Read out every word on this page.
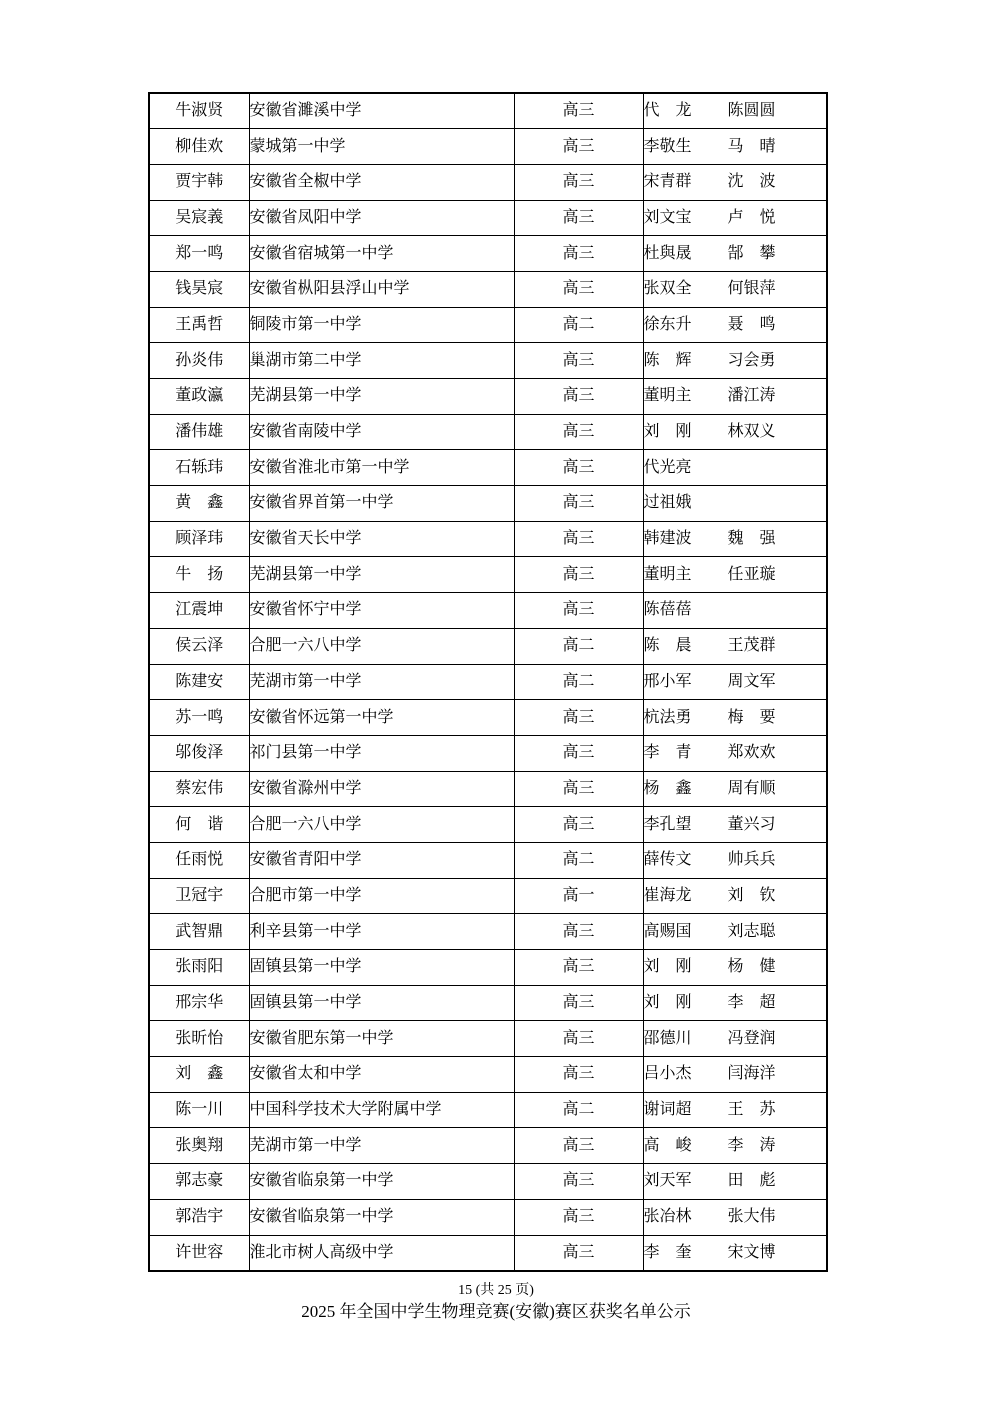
牛淑贤	安徽省濉溪中学	高三	代　龙 陈圆圆
柳佳欢	蒙城第一中学	高三	李敬生 马　晴
贾宇韩	安徽省全椒中学	高三	宋青群 沈　波
吴宸義	安徽省凤阳中学	高三	刘文宝 卢　悦
郑一鸣	安徽省宿城第一中学	高三	杜與晟 郜　攀
钱昊宸	安徽省枞阳县浮山中学	高三	张双全 何银萍
王禹哲	铜陵市第一中学	高二	徐东升 聂　鸣
孙炎伟	巢湖市第二中学	高三	陈　辉 习会勇
董政瀛	芜湖县第一中学	高三	董明主 潘江涛
潘伟雄	安徽省南陵中学	高三	刘　刚 林双义
石轹玮	安徽省淮北市第一中学	高三	代光亮
黄　鑫	安徽省界首第一中学	高三	过祖娥
顾泽玮	安徽省天长中学	高三	韩建波 魏　强
牛　扬	芜湖县第一中学	高三	董明主 任亚璇
江震坤	安徽省怀宁中学	高三	陈蓓蓓
侯云泽	合肥一六八中学	高二	陈　晨 王茂群
陈建安	芜湖市第一中学	高二	邢小军 周文军
苏一鸣	安徽省怀远第一中学	高三	杭法勇 梅　要
邬俊泽	祁门县第一中学	高三	李　青 郑欢欢
蔡宏伟	安徽省滁州中学	高三	杨　鑫 周有顺
何　谐	合肥一六八中学	高三	李孔望 董兴习
任雨悦	安徽省青阳中学	高二	薛传文 帅兵兵
卫冠宇	合肥市第一中学	高一	崔海龙 刘　钦
武智鼎	利辛县第一中学	高三	高赐国 刘志聪
张雨阳	固镇县第一中学	高三	刘　刚 杨　健
邢宗华	固镇县第一中学	高三	刘　刚 李　超
张昕怡	安徽省肥东第一中学	高三	邵德川 冯登润
刘　鑫	安徽省太和中学	高三	吕小杰 闫海洋
陈一川	中国科学技术大学附属中学	高二	谢词超 王　苏
张奥翔	芜湖市第一中学	高三	高　峻 李　涛
郭志豪	安徽省临泉第一中学	高三	刘天军 田　彪
郭浩宇	安徽省临泉第一中学	高三	张冶林 张大伟
许世容	淮北市树人高级中学	高三	李　奎 宋文博
15 (共 25 页)
2025 年全国中学生物理竞赛(安徽)赛区获奖名单公示
